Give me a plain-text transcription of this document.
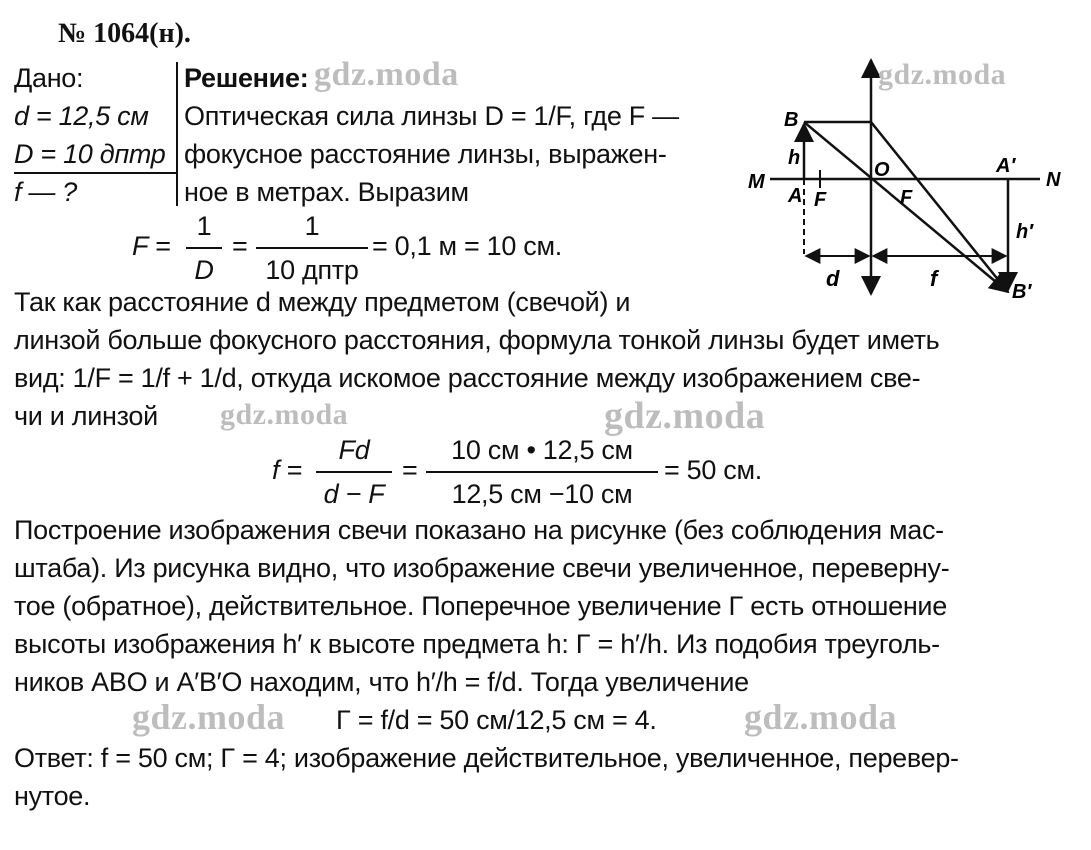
№ 1064(н).
Дано:
d = 12,5 см
D = 10 дптр
f — ?
Решение:
Оптическая сила линзы D = 1/F, где F —
фокусное расстояние линзы, выражен-
ное в метрах. Выразим
F =
1
D
=
1
10 дптр
= 0,1 м = 10 см.
Так как расстояние d между предметом (свечой) и
линзой больше фокусного расстояния, формула тонкой линзы будет иметь
вид: 1/F = 1/f + 1/d, откуда искомое расстояние между изображением све-
чи и линзой
f =
Fd
d − F
=
10 см • 12,5 см
12,5 см −10 см
= 50 см.
Построение изображения свечи показано на рисунке (без соблюдения мас-
штаба). Из рисунка видно, что изображение свечи увеличенное, переверну-
тое (обратное), действительное. Поперечное увеличение Γ есть отношение
высоты изображения h′ к высоте предмета h: Γ = h′/h. Из подобия треуголь-
ников ABO и A′B′O находим, что h′/h = f/d. Тогда увеличение
Γ = f/d = 50 см/12,5 см = 4.
Ответ: f = 50 см; Γ = 4; изображение действительное, увеличенное, перевер-
нутое.
B
h
M
A F
O
F
A′
N
h′
d	f
B′
gdz.moda	gdz.moda
gdz.moda	gdz.moda
gdz.moda	gdz.moda
